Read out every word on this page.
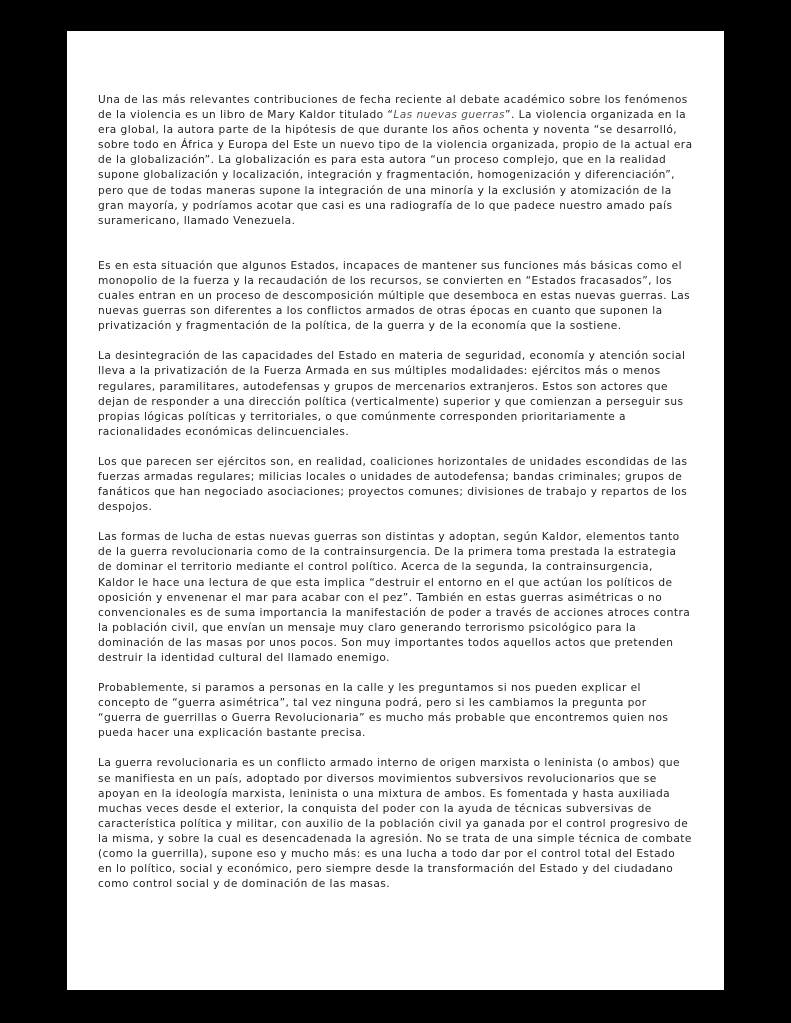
Una de las más relevantes contribuciones de fecha reciente al debate académico sobre los fenómenos de la violencia es un libro de Mary Kaldor titulado “Las nuevas guerras”. La violencia organizada en la era global, la autora parte de la hipótesis de que durante los años ochenta y noventa “se desarrolló, sobre todo en África y Europa del Este un nuevo tipo de la violencia organizada, propio de la actual era de la globalización”. La globalización es para esta autora “un proceso complejo, que en la realidad supone globalización y localización, integración y fragmentación, homogenización y diferenciación”, pero que de todas maneras supone la integración de una minoría y la exclusión y atomización de la gran mayoría, y podríamos acotar que casi es una radiografía de lo que padece nuestro amado país suramericano, llamado Venezuela.

Es en esta situación que algunos Estados, incapaces de mantener sus funciones más básicas como el monopolio de la fuerza y la recaudación de los recursos, se convierten en “Estados fracasados”, los cuales entran en un proceso de descomposición múltiple que desemboca en estas nuevas guerras. Las nuevas guerras son diferentes a los conflictos armados de otras épocas en cuanto que suponen la privatización y fragmentación de la política, de la guerra y de la economía que la sostiene.

La desintegración de las capacidades del Estado en materia de seguridad, economía y atención social lleva a la privatización de la Fuerza Armada en sus múltiples modalidades: ejércitos más o menos regulares, paramilitares, autodefensas y grupos de mercenarios extranjeros. Estos son actores que dejan de responder a una dirección política (verticalmente) superior y que comienzan a perseguir sus propias lógicas políticas y territoriales, o que comúnmente corresponden prioritariamente a racionalidades económicas delincuenciales.

Los que parecen ser ejércitos son, en realidad, coaliciones horizontales de unidades escondidas de las fuerzas armadas regulares; milicias locales o unidades de autodefensa; bandas criminales; grupos de fanáticos que han negociado asociaciones; proyectos comunes; divisiones de trabajo y repartos de los despojos.

Las formas de lucha de estas nuevas guerras son distintas y adoptan, según Kaldor, elementos tanto de la guerra revolucionaria como de la contrainsurgencia. De la primera toma prestada la estrategia de dominar el territorio mediante el control político. Acerca de la segunda, la contrainsurgencia, Kaldor le hace una lectura de que esta implica “destruir el entorno en el que actúan los políticos de oposición y envenenar el mar para acabar con el pez”. También en estas guerras asimétricas o no convencionales es de suma importancia la manifestación de poder a través de acciones atroces contra la población civil, que envían un mensaje muy claro generando terrorismo psicológico para la dominación de las masas por unos pocos. Son muy importantes todos aquellos actos que pretenden destruir la identidad cultural del llamado enemigo.

Probablemente, si paramos a personas en la calle y les preguntamos si nos pueden explicar el concepto de “guerra asimétrica”, tal vez ninguna podrá, pero si les cambiamos la pregunta por “guerra de guerrillas o Guerra Revolucionaria” es mucho más probable que encontremos quien nos pueda hacer una explicación bastante precisa.

La guerra revolucionaria es un conflicto armado interno de origen marxista o leninista (o ambos) que se manifiesta en un país, adoptado por diversos movimientos subversivos revolucionarios que se apoyan en la ideología marxista, leninista o una mixtura de ambos. Es fomentada y hasta auxiliada muchas veces desde el exterior, la conquista del poder con la ayuda de técnicas subversivas de característica política y militar, con auxilio de la población civil ya ganada por el control progresivo de la misma, y sobre la cual es desencadenada la agresión. No se trata de una simple técnica de combate (como la guerrilla), supone eso y mucho más: es una lucha a todo dar por el control total del Estado en lo político, social y económico, pero siempre desde la transformación del Estado y del ciudadano como control social y de dominación de las masas.
